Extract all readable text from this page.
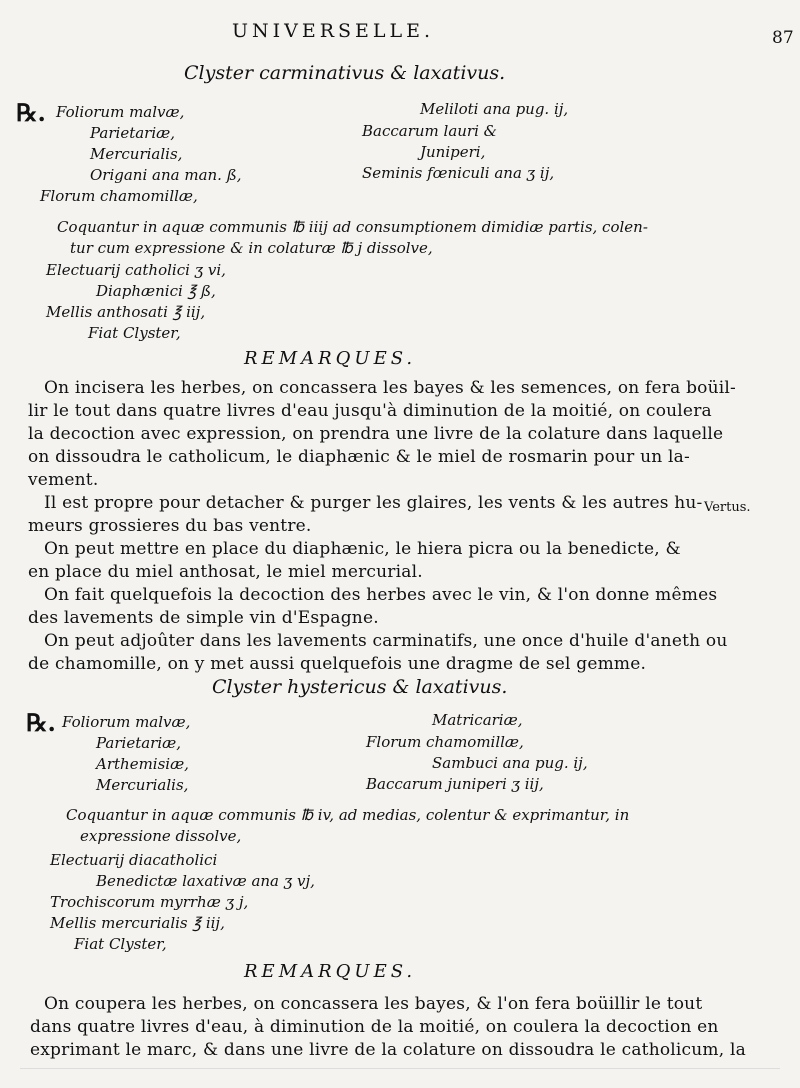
UNIVERSELLE.	87
Clyster carminativus & laxativus.
℞. Foliorum malvæ,
Parietariæ,
Mercurialis,
Origani ana man. ß,
Florum chamomillæ,
Meliloti ana pug. ij,
Baccarum lauri &
Juniperi,
Seminis fœniculi ana ʒ ij,
Coquantur in aquæ communis ℔ iiij ad consumptionem dimidiæ partis, colen-
tur cum expressione & in colaturæ ℔ j dissolve,
Electuarij catholici ʒ vi,
Diaphænici ℥ ß,
Mellis anthosati ℥ iij,
Fiat Clyster,
REMARQUES.
On incisera les herbes, on concassera les bayes & les semences, on fera boüil-
lir le tout dans quatre livres d'eau jusqu'à diminution de la moitié, on coulera
la decoction avec expression, on prendra une livre de la colature dans laquelle
on dissoudra le catholicum, le diaphænic & le miel de rosmarin pour un la-
vement.
Il est propre pour detacher & purger les glaires, les vents & les autres hu-
meurs grossieres du bas ventre.
On peut mettre en place du diaphænic, le hiera picra ou la benedicte, &
en place du miel anthosat, le miel mercurial.
On fait quelquefois la decoction des herbes avec le vin, & l'on donne mêmes
des lavements de simple vin d'Espagne.
On peut adjoûter dans les lavements carminatifs, une once d'huile d'aneth ou
de chamomille, on y met aussi quelquefois une dragme de sel gemme.
Vertus.
Clyster hystericus & laxativus.
℞. Foliorum malvæ,
Parietariæ,
Arthemisiæ,
Mercurialis,
Matricariæ,
Florum chamomillæ,
Sambuci ana pug. ij,
Baccarum juniperi ʒ iij,
Coquantur in aquæ communis ℔ iv, ad medias, colentur & exprimantur, in
expressione dissolve,
Electuarij diacatholici
Benedictæ laxativæ ana ʒ vj,
Trochiscorum myrrhæ ʒ j,
Mellis mercurialis ℥ iij,
Fiat Clyster,
REMARQUES.
On coupera les herbes, on concassera les bayes, & l'on fera boüillir le tout
dans quatre livres d'eau, à diminution de la moitié, on coulera la decoction en
exprimant le marc, & dans une livre de la colature on dissoudra le catholicum, la
